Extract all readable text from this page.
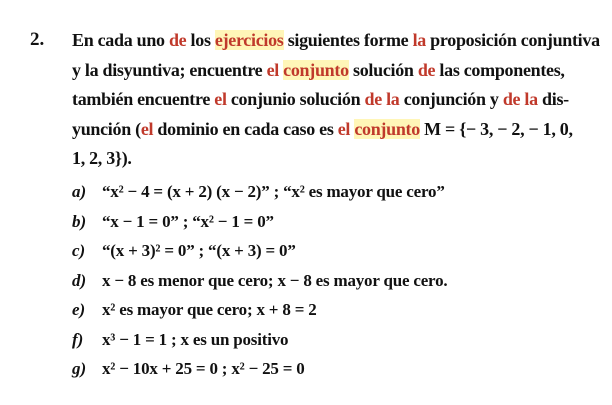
2. En cada uno de los ejercicios siguientes forme la proposición conjuntiva
y la disyuntiva; encuentre el conjunto solución de las componentes,
también encuentre el conjunio solución de la conjunción y de la dis-
yunción (el dominio en cada caso es el conjunto M = {− 3, − 2, − 1, 0,
1, 2, 3}).
a) “x² − 4 = (x + 2) (x − 2)” ; “x² es mayor que cero”
b) “x − 1 = 0” ; “x² − 1 = 0”
c) “(x + 3)² = 0” ; “(x + 3) = 0”
d) x − 8 es menor que cero; x − 8 es mayor que cero.
e) x² es mayor que cero; x + 8 = 2
f) x³ − 1 = 1 ; x es un positivo
g) x² − 10x + 25 = 0 ; x² − 25 = 0
